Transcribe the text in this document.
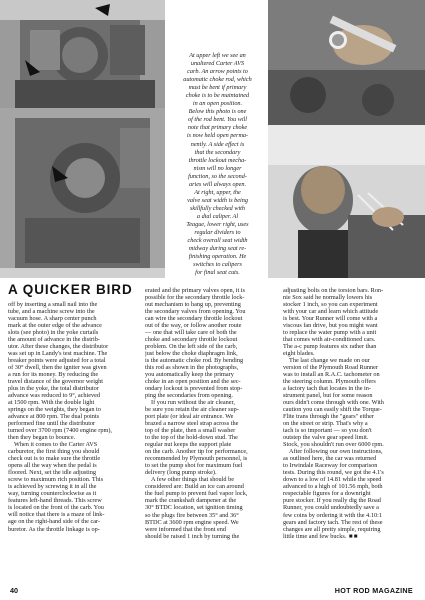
At upper left we see an
unaltered Carter AVS
carb. An arrow points to
automatic choke rod, which
must be bent if primary
choke is to be maintained
in an open position.
Below this photo is one
of the rod bent. You will
note that primary choke
is now held open perma-
nently. A side effect is
that the secondary
throttle lockout mecha-
nism will no longer
function, so the second-
aries will always open.
At right, upper, the
valve seat width is being
skillfully checked with
a dial caliper. Al
Teague, lower right, uses
regular dividers to
check overall seat width
midway during seat re-
finishing operation. He
switches to calipers
for final seat cuts.
A QUICKER BIRD
off by inserting a small nail into the
tube, and a machine screw into the
vacuum hose. A sharp center punch
mark at the outer edge of the advance
slots (see photo) in the yoke curtails
the amount of advance in the distrib-
utor. After these changes, the distributor
was set up in Landy's test machine. The
breaker points were adjusted for a total
of 30° dwell, then the igniter was given
a run for its money. By reducing the
travel distance of the governor weight
plus in the yoke, the total distributor
advance was reduced to 9°, achieved
at 1500 rpm. With the double light
springs on the weights, they began to
advance at 800 rpm. The dual points
performed fine until the distributor
turned over 3700 rpm (7400 engine rpm),
then they began to bounce.
When it comes to the Carter AVS
carburetor, the first thing you should
check out is to make sure the throttle
opens all the way when the pedal is
floored. Next, set the idle adjusting
screw to maximum rich position. This
is achieved by screwing it in all the
way, turning counterclockwise as it
features left-hand threads. This screw
is located on the front of the carb. You
will notice that there is a maze of link-
age on the right-hand side of the car-
buretor. As the throttle linkage is op-
erated and the primary valves open, it is
possible for the secondary throttle lock-
out mechanism to hang up, preventing
the secondary valves from opening. You
can wire the secondary throttle lockout
out of the way, or follow another route
— one that will take care of both the
choke and secondary throttle lockout
problem. On the left side of the carb,
just below the choke diaphragm link,
is the automatic choke rod. By bending
this rod as shown in the photographs,
you automatically keep the primary
choke in an open position and the sec-
ondary lockout is prevented from stop-
ping the secondaries from opening.
If you run without the air cleaner,
be sure you retain the air cleaner sup-
port plate (or ideal air entrance. We
brazed a narrow steel strap across the
top of the plate, then a small washer
to the top of the hold-down stud. The
regular nut keeps the support plate
on the carb. Another tip for performance,
recommended by Plymouth personnel, is
to set the pump shot for maximum fuel
delivery (long pump stroke).
A few other things that should be
considered are: Build an ice can around
the fuel pump to prevent fuel vapor lock,
mark the crankshaft dampener at the
30° BTDC location, set ignition timing
so the plugs fire between 35° and 36°
BTDC at 3600 rpm engine speed. We
were informed that the front end
should be raised 1 inch by turning the
adjusting bolts on the torsion bars. Ron-
nie Sox said he normally lowers his
stocker 1 inch, so you can experiment
with your car and learn which attitude
is best. Your Runner will come with a
viscous fan drive, but you might want
to replace the water pump with a unit
that comes with air-conditioned cars.
The a-c pump features six rather than
eight blades.
The last change we made on our
version of the Plymouth Road Runner
was to install an R.A.C. tachometer on
the steering column. Plymouth offers
a factory tach that locates in the in-
strument panel, but for some reason
ours didn't come through with one. With
caution you can easily shift the Torque-
Flite trans through the "gears" either
on the street or strip. That's why a
tach is so important — so you don't
outstep the valve gear speed limit.
Stock, you shouldn't run over 6000 rpm.
After following our own instructions,
as outlined here, the car was returned
to Irwindale Raceway for comparison
tests. During this round, we got the 4.1's
down to a low of 14.81 while the speed
advanced to a high of 101.56 mph, both
respectable figures for a downright
pure stocker. If you really dig the Road
Runner, you could undoubtedly save a
few coins by ordering it with the 4.10:1
gears and factory tach. The rest of these
changes are all pretty simple, requiring
little time and few bucks. ■■
40	HOT ROD MAGAZINE
